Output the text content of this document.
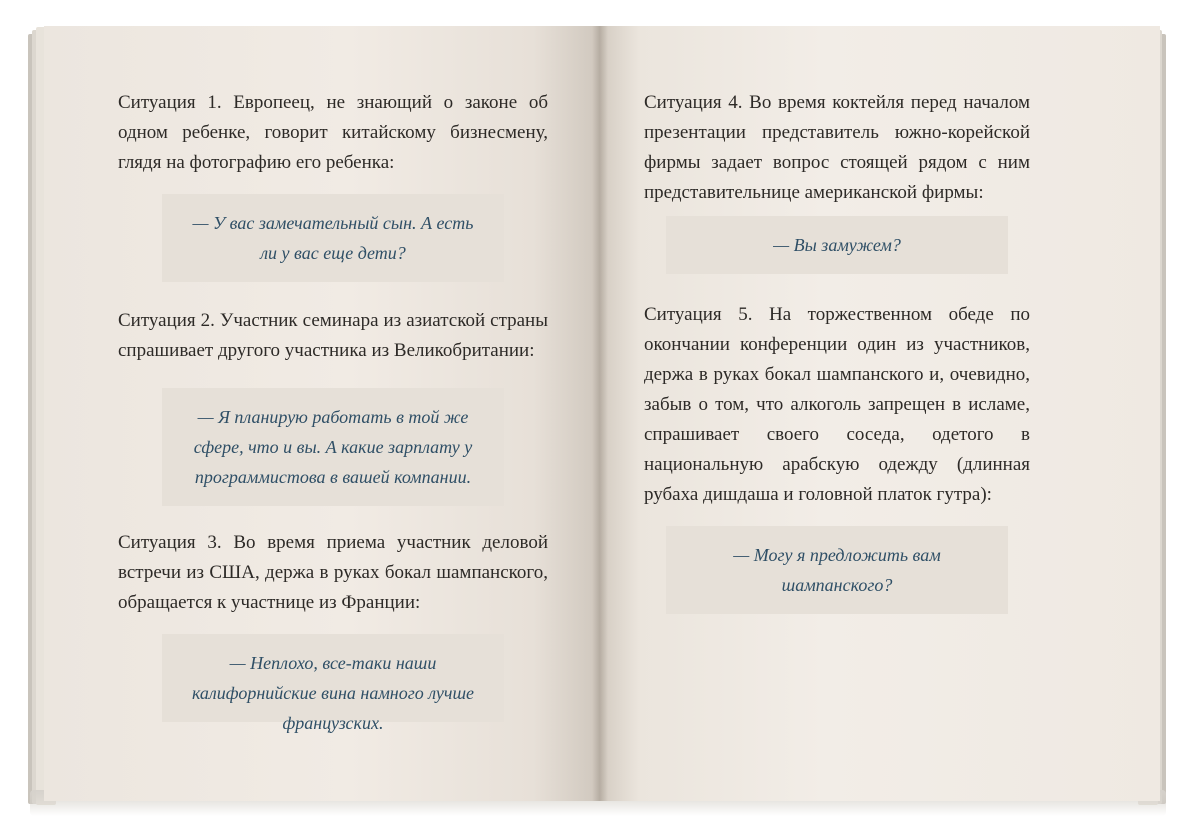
Ситуация 1. Европеец, не знающий о законе об одном ребенке, говорит китайскому бизнесмену, глядя на фотографию его ребенка:

— У вас замечательный сын. А есть ли у вас еще дети?

Ситуация 2. Участник семинара из азиатской страны спрашивает другого участника из Великобритании:

— Я планирую работать в той же сфере, что и вы. А какие зарплату у программистова в вашей компании.

Ситуация 3. Во время приема участник деловой встречи из США, держа в руках бокал шампанского, обращается к участнице из Франции:

— Неплохо, все-таки наши калифорнийские вина намного лучше французских.

Ситуация 4. Во время коктейля перед началом презентации представитель южно-корейской фирмы задает вопрос стоящей рядом с ним представительнице американской фирмы:

— Вы замужем?

Ситуация 5. На торжественном обеде по окончании конференции один из участников, держа в руках бокал шампанского и, очевидно, забыв о том, что алкоголь запрещен в исламе, спрашивает своего соседа, одетого в национальную арабскую одежду (длинная рубаха дишдаша и головной платок гутра):

— Могу я предложить вам шампанского?
